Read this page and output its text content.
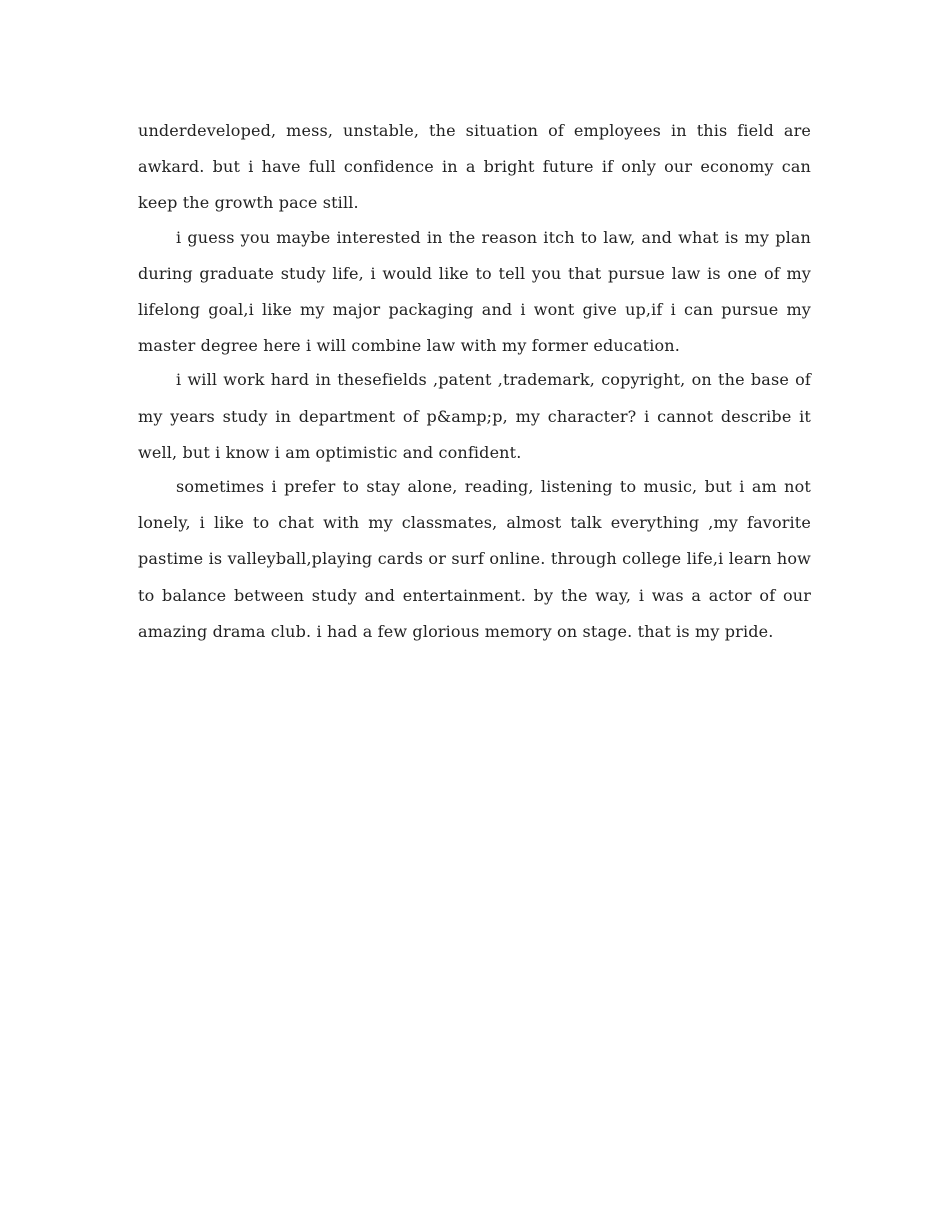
underdeveloped, mess, unstable, the situation of employees in this field are awkard. but i have full confidence in a bright future if only our economy can keep the growth pace still.

i guess you maybe interested in the reason itch to law, and what is my plan during graduate study life, i would like to tell you that pursue law is one of my lifelong goal,i like my major packaging and i wont give up,if i can pursue my master degree here i will combine law with my former education.

i will work hard in thesefields ,patent ,trademark, copyright, on the base of my years study in department of p&amp;p, my character? i cannot describe it well, but i know i am optimistic and confident.

sometimes i prefer to stay alone, reading, listening to music, but i am not lonely, i like to chat with my classmates, almost talk everything ,my favorite pastime is valleyball,playing cards or surf online. through college life,i learn how to balance between study and entertainment. by the way, i was a actor of our amazing drama club. i had a few glorious memory on stage. that is my pride.
